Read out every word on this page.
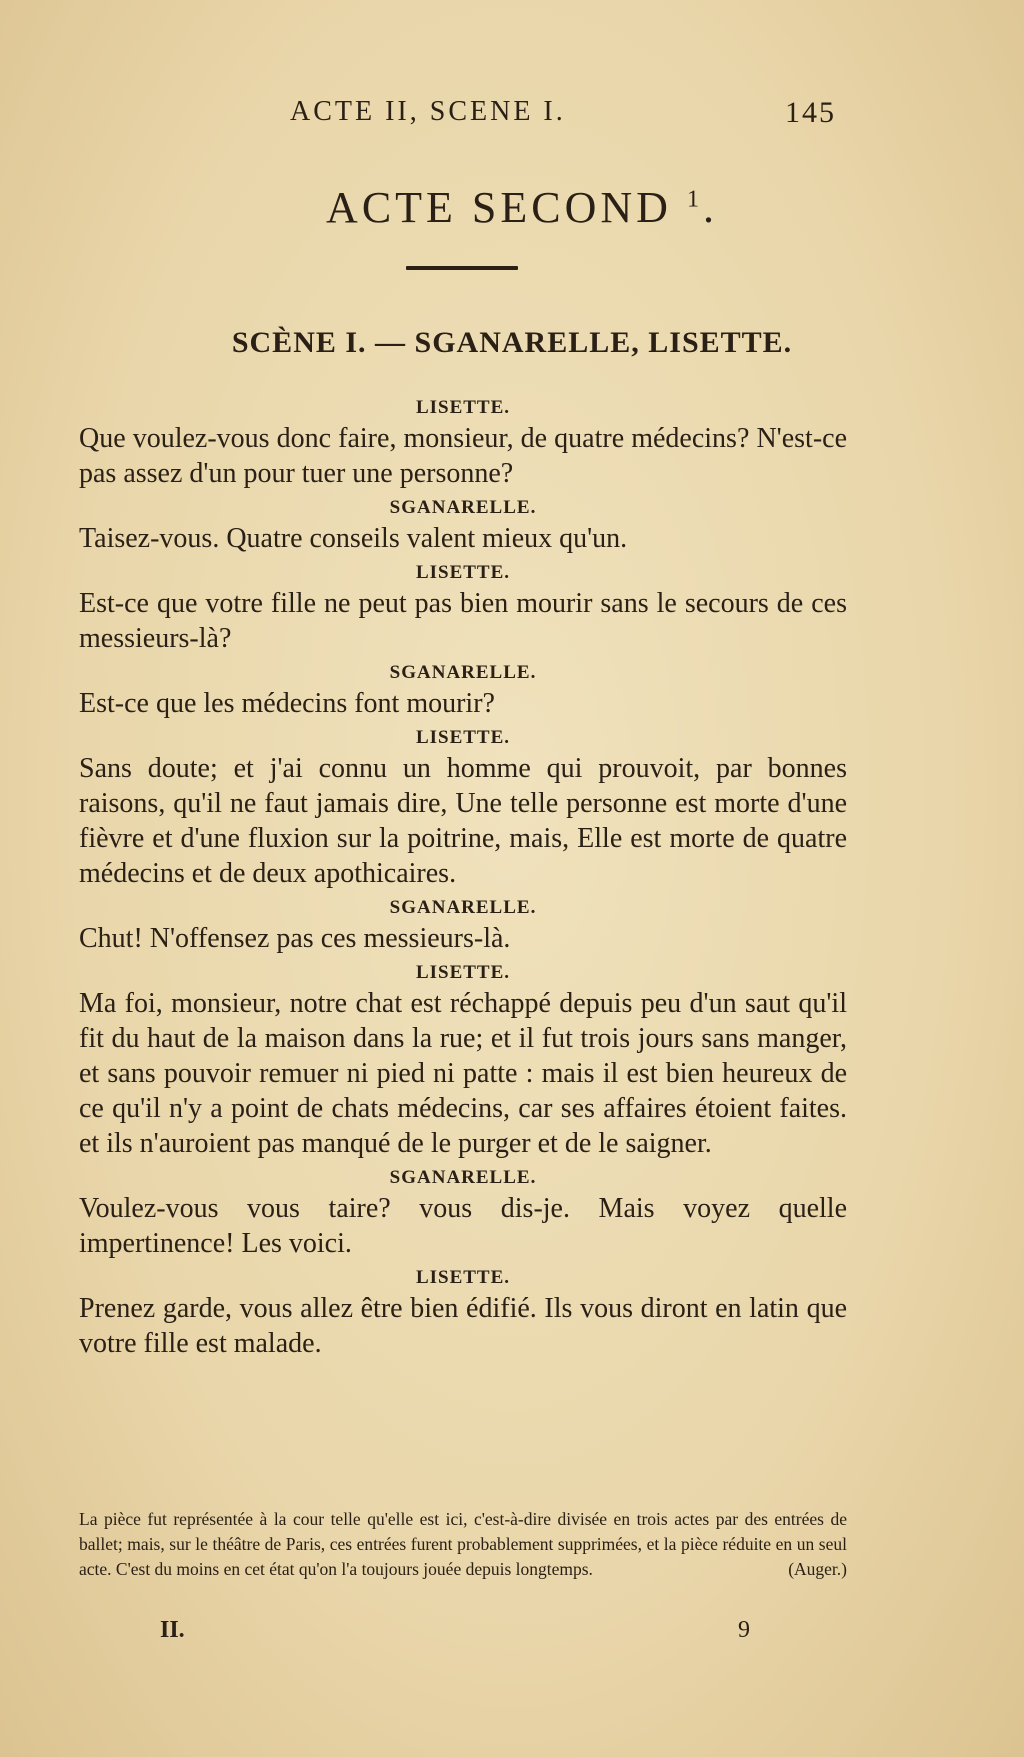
ACTE II, SCENE I.	145
ACTE SECOND $^1$.
SCÈNE I. — SGANARELLE, LISETTE.

LISETTE.

Que voulez-vous donc faire, monsieur, de quatre médecins? N'est-ce pas assez d'un pour tuer une personne?

SGANARELLE.

Taisez-vous. Quatre conseils valent mieux qu'un.

LISETTE.

Est-ce que votre fille ne peut pas bien mourir sans le secours de ces messieurs-là?

SGANARELLE.

Est-ce que les médecins font mourir?

LISETTE.

Sans doute; et j'ai connu un homme qui prouvoit, par bonnes raisons, qu'il ne faut jamais dire, Une telle personne est morte d'une fièvre et d'une fluxion sur la poitrine, mais, Elle est morte de quatre médecins et de deux apothicaires.

SGANARELLE.

Chut! N'offensez pas ces messieurs-là.

LISETTE.

Ma foi, monsieur, notre chat est réchappé depuis peu d'un saut qu'il fit du haut de la maison dans la rue; et il fut trois jours sans manger, et sans pouvoir remuer ni pied ni patte : mais il est bien heureux de ce qu'il n'y a point de chats médecins, car ses affaires étoient faites. et ils n'auroient pas manqué de le purger et de le saigner.

SGANARELLE.

Voulez-vous vous taire? vous dis-je. Mais voyez quelle impertinence! Les voici.

LISETTE.

Prenez garde, vous allez être bien édifié. Ils vous diront en latin que votre fille est malade.

La pièce fut représentée à la cour telle qu'elle est ici, c'est-à-dire divisée en trois actes par des entrées de ballet; mais, sur le théâtre de Paris, ces entrées furent probablement supprimées, et la pièce réduite en un seul acte. C'est du moins en cet état qu'on l'a toujours jouée depuis longtemps.	(Auger.)
II.	9
